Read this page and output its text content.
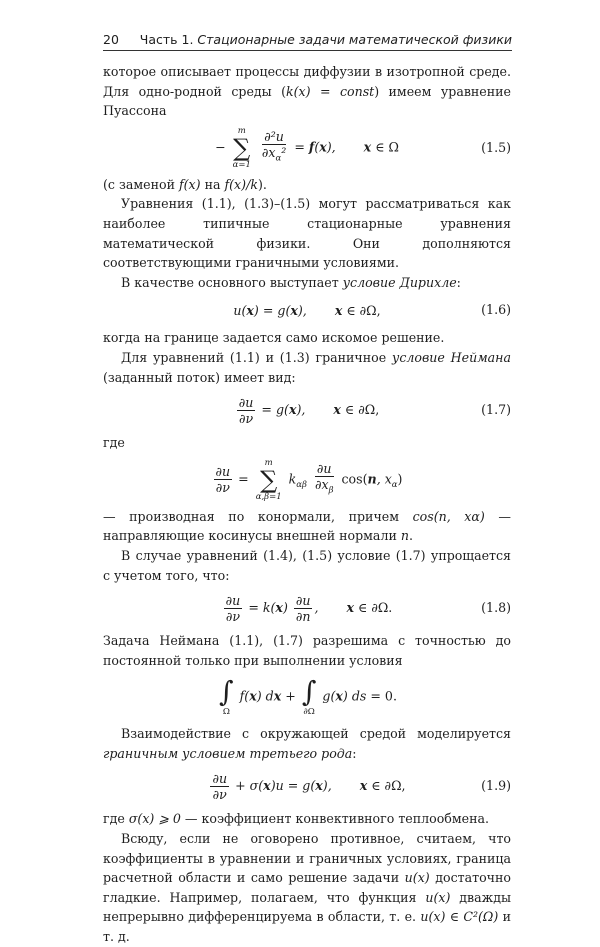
20 Часть 1. Стационарные задачи математической физики

которое описывает процессы диффузии в изотропной среде. Для одно-родной среды (k(x) = const) имеем уравнение Пуассона

−
m
∑
α=1
$\frac{\text{∂²u}}{\partial x_\alpha^2} = f(x)$, x ∈ Ω	(1.5)

(с заменой f(x) на f(x)/k).

Уравнения (1.1), (1.3)–(1.5) могут рассматриваться как наиболее типичные стационарные уравнения математической физики. Они дополняются соответствующими граничными условиями.

В качестве основного выступает условие Дирихле:

u(x) = g(x), x ∈ ∂Ω,	(1.6)

когда на границе задается само искомое решение.

Для уравнений (1.1) и (1.3) граничное условие Неймана (заданный поток) имеет вид:

$\frac{\partial u}{\partial\nu} = g(x)$, x ∈ ∂Ω,	(1.7)

где

$\frac{\partial u}{\partial\nu}$ =
m
∑
α,β=1
$k_{\alpha\beta} \frac{\partial u}{\partial x_\beta} \cos(n$, $x_\alpha$)

— производная по конормали, причем cos(n, xα) — направляющие косинусы внешней нормали n.

В случае уравнений (1.4), (1.5) условие (1.7) упрощается с учетом того, что:

$\frac{\partial u}{\partial\nu} = k(x) \frac{\partial u}{\partial n}$ , x ∈ ∂Ω.	(1.8)

Задача Неймана (1.1), (1.7) разрешима с точностью до постоянной только при выполнении условия

∫
Ω
f(x) dx + ∫
∂Ω
g(x) ds = 0.

Взаимодействие с окружающей средой моделируется граничным условием третьего рода:

$\frac{\partial u}{\partial\nu} + \sigma(x)u = g(x)$, x ∈ ∂Ω,	(1.9)

где σ(x) ⩾ 0 — коэффициент конвективного теплообмена.

Всюду, если не оговорено противное, считаем, что коэффициенты в уравнении и граничных условиях, граница расчетной области и само решение задачи u(x) достаточно гладкие. Например, полагаем, что функция u(x) дважды непрерывно дифференцируема в области, т. е. u(x) ∈ C²(Ω) и т. д.
